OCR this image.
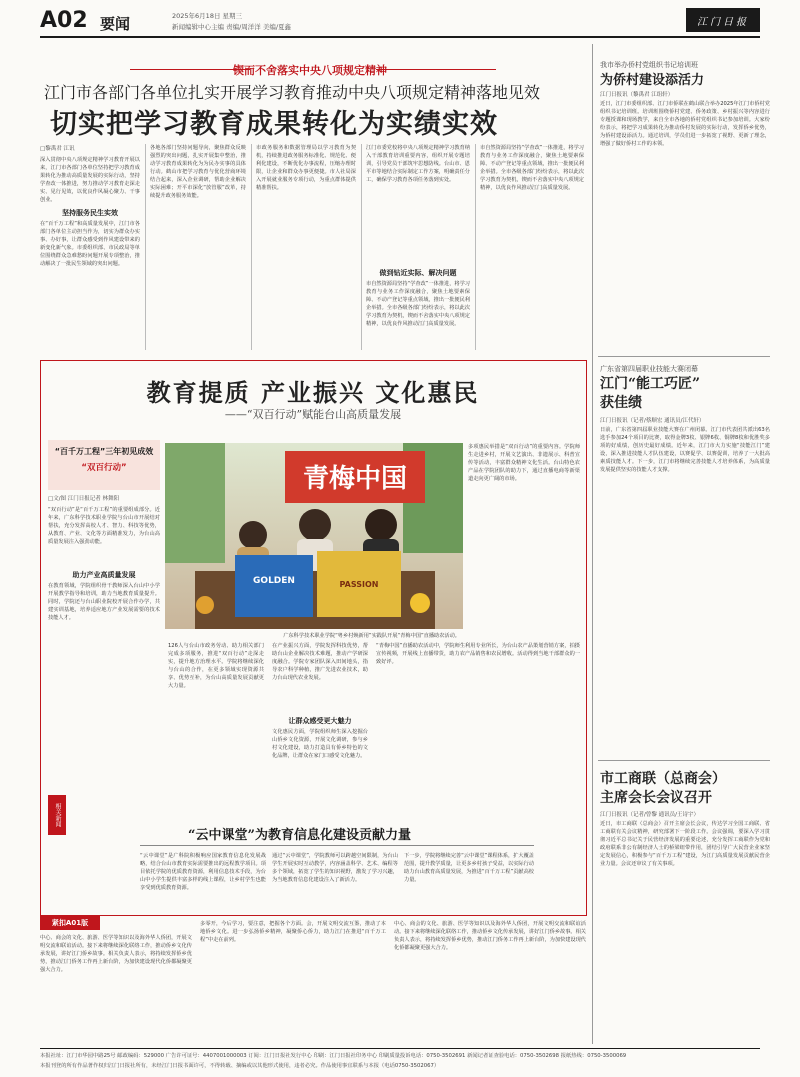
A02 要闻	2025年6月18日 星期三
新闻编辑中心主编 责编/周洋洋 美编/夏鑫	江门日报
锲而不舍落实中央八项规定精神
江门市各部门各单位扎实开展学习教育推动中央八项规定精神落地见效
切实把学习教育成果转化为实绩实效
□黎禹君 江讯
深入贯彻中央八项规定精神学习教育开展以来，江门市各部门各单位坚持把学习教育成果转化为推动高质量发展的实际行动，坚持学查改一体推进，努力推动学习教育走深走实、见行见效，以优良作风凝心聚力、干事创业。
坚持服务民生实效
在“百千万工程”和高质量发展中，江门市各部门各单位主动担当作为，切实为群众办实事、办好事，让群众感受到作风建设带来的新变化新气象。市委组织部、市民政局等单位围绕群众急难愁盼问题开展专项整治，推动解决了一批民生领域的突出问题。
各地各部门坚持问题导向，聚焦群众反映强烈的突出问题，扎实开展集中整治，推动学习教育成果转化为为民办实事的具体行动。鹤山市把学习教育与优化营商环境结合起来，深入企业调研，帮助企业解决实际困难；开平市深化“放管服”改革，持续提升政务服务效能。
市政务服务和数据管理局以学习教育为契机，持续推进政务服务标准化、规范化、便利化建设，不断优化办事流程，压缩办理时限，让企业和群众办事更便捷。市人社局深入开展就业服务专项行动，为重点群体提供精准帮扶。
江门市委党校将中央八项规定精神学习教育纳入干部教育培训重要内容，组织开展专题培训，引导党员干部筑牢思想防线。台山市、恩平市等地结合实际制定工作方案，明确责任分工，确保学习教育各项任务落到实处。
做到钻近实际、解决问题
市自然资源局坚持“学查改”一体推进，将学习教育与业务工作深度融合，聚焦土地要素保障、不动产登记等重点领域，推出一批便民利企举措。全市各级各部门纷纷表示，将以此次学习教育为契机，锲而不舍落实中央八项规定精神，以优良作风推动江门高质量发展。
市自然资源局坚持“学查改”一体推进，将学习教育与业务工作深度融合，聚焦土地要素保障、不动产登记等重点领域，推出一批便民利企举措。全市各级各部门纷纷表示，将以此次学习教育为契机，锲而不舍落实中央八项规定精神，以优良作风推动江门高质量发展。
教育提质 产业振兴 文化惠民
——“双百行动”赋能台山高质量发展
“百千万工程”三年初见成效
“双百行动”
□文/图 江门日报记者 林舞阳
“双百行动”是“百千万工程”的重要组成部分。近年来，广东科学技术职业学院与台山市开展结对帮扶，充分发挥高校人才、智力、科技等优势，从教育、产业、文化等方面精准发力，为台山高质量发展注入强劲动能。
助力产业高质量发展
在教育领域，学院组织骨干教师深入台山中小学开展教学指导和培训，助力当地教育质量提升。同时，学院还与台山职业院校开展合作办学，共建实训基地，培养适应地方产业发展需要的技术技能人才。
青梅中国
GOLDEN	PASSION
广东科学技术职业学院“粤乡村焕新用”实践队开展“青梅中国”直播助农活动。
多项惠民举措是“双百行动”的重要内容。学院师生走进乡村，开展文艺演出、非遗展示、科普宣传等活动，丰富群众精神文化生活。台山特色农产品在学院团队的助力下，通过直播电商等新渠道走向更广阔的市场。
126人与台山市政务劳动、助力相关部门完成多项服务，推进“双百行动”走深走实，提升地方治理水平。学院将继续深化与台山的合作，在更多领域实现资源共享、优势互补，为台山高质量发展贡献更大力量。
在产业振兴方面，学院发挥科技优势，帮助台山企业解决技术难题，推动产学研深度融合。学院专家团队深入田间地头，指导农户科学种植，推广先进农业技术，助力台山现代农业发展。
让群众感受更大魅力
文化惠民方面，学院组织师生深入挖掘台山侨乡文化资源，开展文化调研，参与乡村文化建设，助力打造具有侨乡特色的文化品牌，让群众在家门口感受文化魅力。
“青梅中国”直播助农活动中，学院师生利用专业所长，为台山农产品策划营销方案，拍摄宣传视频，开展线上直播带货，助力农产品销售和农民增收。活动得到当地干部群众的一致好评。
相关新闻
“云中课堂”为教育信息化建设贡献力量
“云中课堂”是广科院积极响应国家教育信息化发展战略，结合台山市教育实际需要推出的远程教学项目。项目依托学院的优质教育资源，利用信息技术手段，为台山中小学生提供丰富多样的线上课程，让乡村学生也能享受到优质教育资源。
通过“云中课堂”，学院教师可以跨越空间限制，为台山学生开展实时互动教学，内容涵盖科学、艺术、编程等多个领域，拓宽了学生的知识视野，激发了学习兴趣，为当地教育信息化建设注入了新活力。
下一步，学院将继续完善“云中课堂”课程体系，扩大覆盖范围，提升教学质量，让更多乡村孩子受益，以实际行动助力台山教育高质量发展，为推进“百千万工程”贡献高校力量。
我市举办侨村党组织书记培训班
为侨村建设添活力
江门日报讯（黎禹君 江组轩）
近日，江门市委组织部、江门市侨联在鹤山联合举办2025年江门市侨村党组织书记培训班。培训班围绕侨村党建、侨务政策、乡村振兴等内容进行专题授课和现场教学，来自全市各地的侨村党组织书记参加培训。大家纷纷表示，将把学习成果转化为推动侨村发展的实际行动，发挥侨乡优势，为侨村建设添活力。通过培训，学员们进一步拓宽了视野、更新了理念，增强了做好侨村工作的本领。
广东省第四届职业技能大赛闭幕
江门“能工巧匠”
获佳绩
江门日报讯（记者/蔡顺宏 通讯员/江代轩）
日前，广东省第四届职业技能大赛在广州闭幕。江门市代表团共派出63名选手参加24个项目的比赛，取得金牌3枚、银牌6枚、铜牌8枚和优胜奖多项的好成绩，创历史最好成绩。近年来，江门市大力实施“技能江门”建设，深入推进技能人才队伍建设，以赛促学、以赛促训，培养了一大批高素质技能人才。下一步，江门市将继续完善技能人才培养体系，为高质量发展提供坚实的技能人才支撑。
市工商联（总商会）
主席会长会议召开
江门日报讯（记者/曾黎 通讯员/王诗宇）
近日，市工商联（总商会）召开主席会长会议，传达学习全国工商联、省工商联有关会议精神，研究部署下一阶段工作。会议强调，要深入学习贯彻习近平总书记关于民营经济发展的重要论述，充分发挥工商联作为党和政府联系非公有制经济人士的桥梁纽带作用，团结引导广大民营企业家坚定发展信心，积极参与“百千万工程”建设，为江门高质量发展贡献民营企业力量。会议还审议了有关事项。
紧扣A01版
中心、商会的文化、旅游、医学等知识以及海外华人侨团，开展文明交流和联谊活动。接下来将继续深化联络工作，推动侨乡文化传承发展，讲好江门侨乡故事。相关负责人表示，将持续发挥侨乡优势，推动江门侨务工作再上新台阶，为加快建设现代化侨都凝聚更强大合力。
多零开，今后学习，要注意，把握各个方面。会，开展文明交流互鉴，推动了本地侨乡文化。进一步弘扬侨乡精神，凝聚侨心侨力，助力江门在推进“百千万工程”中走在前列。
中心、商会的文化、旅游、医学等知识以及海外华人侨团，开展文明交流和联谊活动。接下来将继续深化联络工作，推动侨乡文化传承发展，讲好江门侨乡故事。相关负责人表示，将持续发挥侨乡优势，推动江门侨务工作再上新台阶，为加快建设现代化侨都凝聚更强大合力。
本报社址：江门市华园中路25号 邮政编码：529000 广告许可证号：4407001000003 订阅：江门日报社发行中心 印刷：江门日报社印务中心 印刷质量投诉电话：0750-3502691 新闻记者证查验电话：0750-3502698 报纸热线：0750-3500069
本报刊登的所有作品著作权归江门日报社所有，未经江门日报书面许可，不得转载、摘编或以其他形式使用，违者必究。作品使用事宜联系与本报（电话0750-3502067）
